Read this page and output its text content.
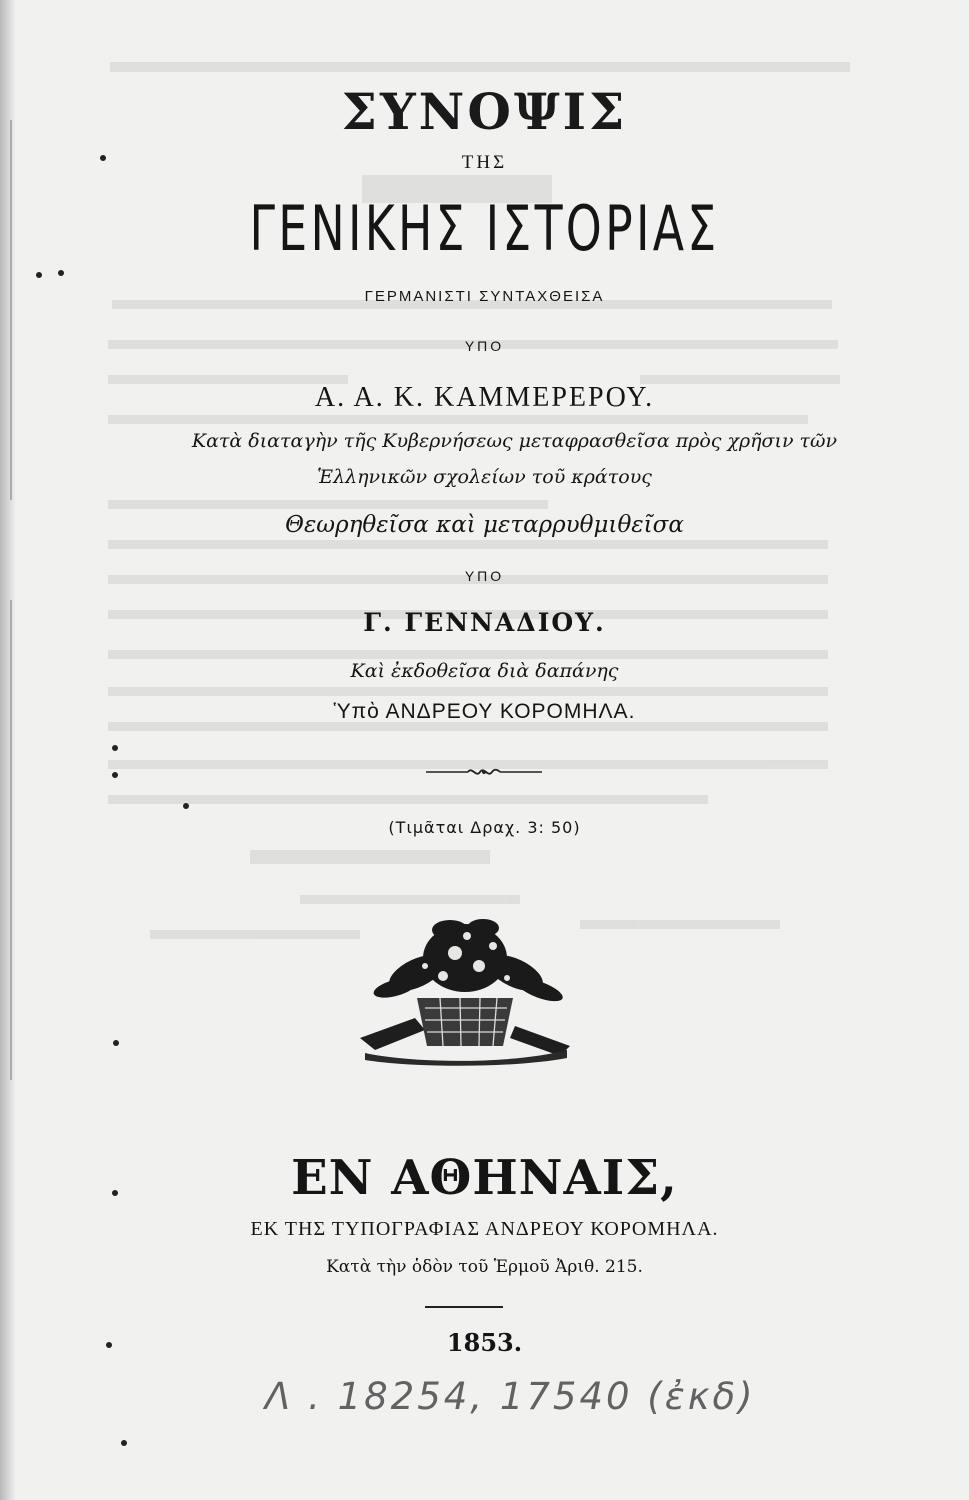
ΣΥΝΟΨΙΣ
ΤΗΣ
ΓΕΝΙΚΗΣ ΙΣΤΟΡΙΑΣ
ΓΕΡΜΑΝΙΣΤΙ ΣΥΝΤΑΧΘΕΙΣΑ
ΥΠΟ
Α. Α. Κ. ΚΑΜΜΕΡΕΡΟΥ.
Κατὰ διαταγὴν τῆς Κυβερνήσεως μεταφρασθεῖσα πρὸς χρῆσιν τῶν
Ἑλληνικῶν σχολείων τοῦ κράτους
Θεωρηθεῖσα καὶ μεταρρυθμιθεῖσα
ΥΠΟ
Γ. ΓΕΝΝΑΔΙΟΥ.
Καὶ ἐκδοθεῖσα διὰ δαπάνης
Ὑπὸ ΑΝΔΡΕΟΥ ΚΟΡΟΜΗΛΑ.
(Τιμᾶται Δραχ. 3: 50)
ΕΝ ΑΘΗΝΑΙΣ,
ΕΚ ΤΗΣ ΤΥΠΟΓΡΑΦΙΑΣ ΑΝΔΡΕΟΥ ΚΟΡΟΜΗΛΑ.
Κατὰ τὴν ὁδὸν τοῦ Ἑρμοῦ Ἀριθ. 215.
1853.
Λ . 18254, 17540 (ἐκδ)
